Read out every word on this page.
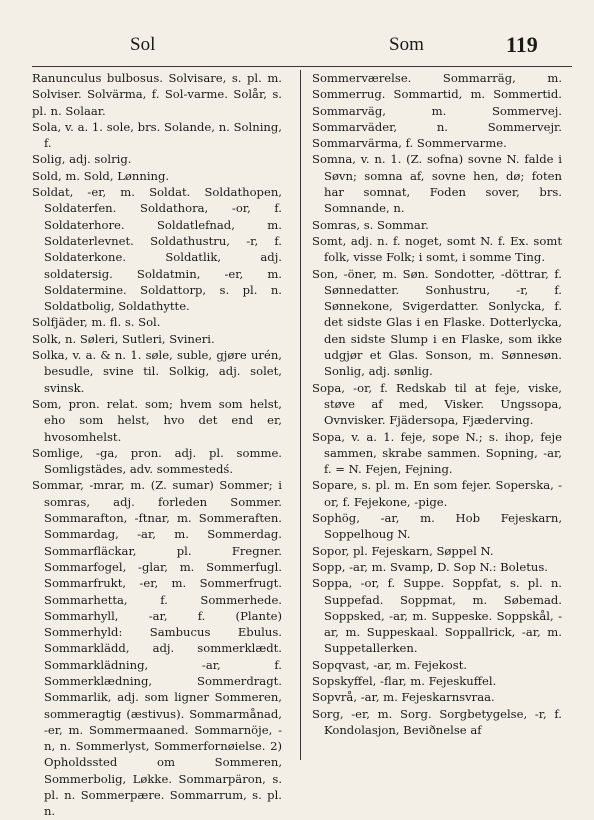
Sol	Som	119
Ranunculus bulbosus. Solvisare, s. pl. m. Solviser. Solvärma, f. Sol-varme. Solår, s. pl. n. Solaar.
Sola, v. a. 1. sole, brs. Solande, n. Solning, f.
Solig, adj. solrig.
Sold, m. Sold, Lønning.
Soldat, -er, m. Soldat. Soldathopen, Soldaterfen. Soldathora, -or, f. Soldaterhore. Soldatlefnad, m. Soldaterlevnet. Soldathustru, -r, f. Soldaterkone. Soldatlik, adj. soldatersig. Soldatmin, -er, m. Soldatermine. Soldattorp, s. pl. n. Soldatbolig, Soldathytte.
Solfjäder, m. fl. s. Sol.
Solk, n. Søleri, Sutleri, Svineri.
Solka, v. a. & n. 1. søle, suble, gjøre urén, besudle, svine til. Solkig, adj. solet, svinsk.
Som, pron. relat. som; hvem som helst, eho som helst, hvo det end er, hvosomhelst.
Somlige, -ga, pron. adj. pl. somme. Somligstädes, adv. sommestedś.
Sommar, -mrar, m. (Z. sumar) Sommer; i somras, adj. forleden Sommer. Sommarafton, -ftnar, m. Sommeraften. Sommardag, -ar, m. Sommerdag. Sommarfläckar, pl. Fregner. Sommarfogel, -glar, m. Sommerfugl. Sommarfrukt, -er, m. Sommerfrugt. Sommarhetta, f. Sommerhede. Sommarhyll, -ar, f. (Plante) Sommerhyld: Sambucus Ebulus. Sommarklädd, adj. sommerklædt. Sommarklädning, -ar, f. Sommerklædning, Sommerdragt. Sommarlik, adj. som ligner Sommeren, sommeragtig (æstivus). Sommarmånad, -er, m. Sommermaaned. Sommarnöje, -n, n. Sommerlyst, Sommerfornøielse. 2) Opholdssted om Sommeren, Sommerbolig, Løkke. Sommarpäron, s. pl. n. Sommerpære. Sommarrum, s. pl. n.
Sommerværelse. Sommarräg, m. Sommerrug. Sommartid, m. Sommertid. Sommarväg, m. Sommervej. Sommarväder, n. Sommervejr. Sommarvärma, f. Sommervarme.
Somna, v. n. 1. (Z. sofna) sovne N. falde i Søvn; somna af, sovne hen, dø; foten har somnat, Foden sover, brs. Somnande, n.
Somras, s. Sommar.
Somt, adj. n. f. noget, somt N. f. Ex. somt folk, visse Folk; i somt, i somme Ting.
Son, -öner, m. Søn. Sondotter, -döttrar, f. Sønnedatter. Sonhustru, -r, f. Sønnekone, Svigerdatter. Sonlycka, f. det sidste Glas i en Flaske. Dotterlycka, den sidste Slump i en Flaske, som ikke udgjør et Glas. Sonson, m. Sønnesøn. Sonlig, adj. sønlig.
Sopa, -or, f. Redskab til at feje, viske, støve af med, Visker. Ungssopa, Ovnvisker. Fjädersopa, Fjæderving.
Sopa, v. a. 1. feje, sope N.; s. ihop, feje sammen, skrabe sammen. Sopning, -ar, f. = N. Fejen, Fejning.
Sopare, s. pl. m. En som fejer. Soperska, -or, f. Fejekone, -pige.
Sophög, -ar, m. Hob Fejeskarn, Soppelhoug N.
Sopor, pl. Fejeskarn, Søppel N.
Sopp, -ar, m. Svamp, D. Sop N.: Boletus.
Soppa, -or, f. Suppe. Soppfat, s. pl. n. Suppefad. Soppmat, m. Søbemad. Soppsked, -ar, m. Suppeske. Soppskål, -ar, m. Suppeskaal. Soppallrick, -ar, m. Suppetallerken.
Sopqvast, -ar, m. Fejekost.
Sopskyffel, -flar, m. Fejeskuffel.
Sopvrå, -ar, m. Fejeskarnsvraa.
Sorg, -er, m. Sorg. Sorgbetygelse, -r, f. Kondolasjon, Beviðnelse af
